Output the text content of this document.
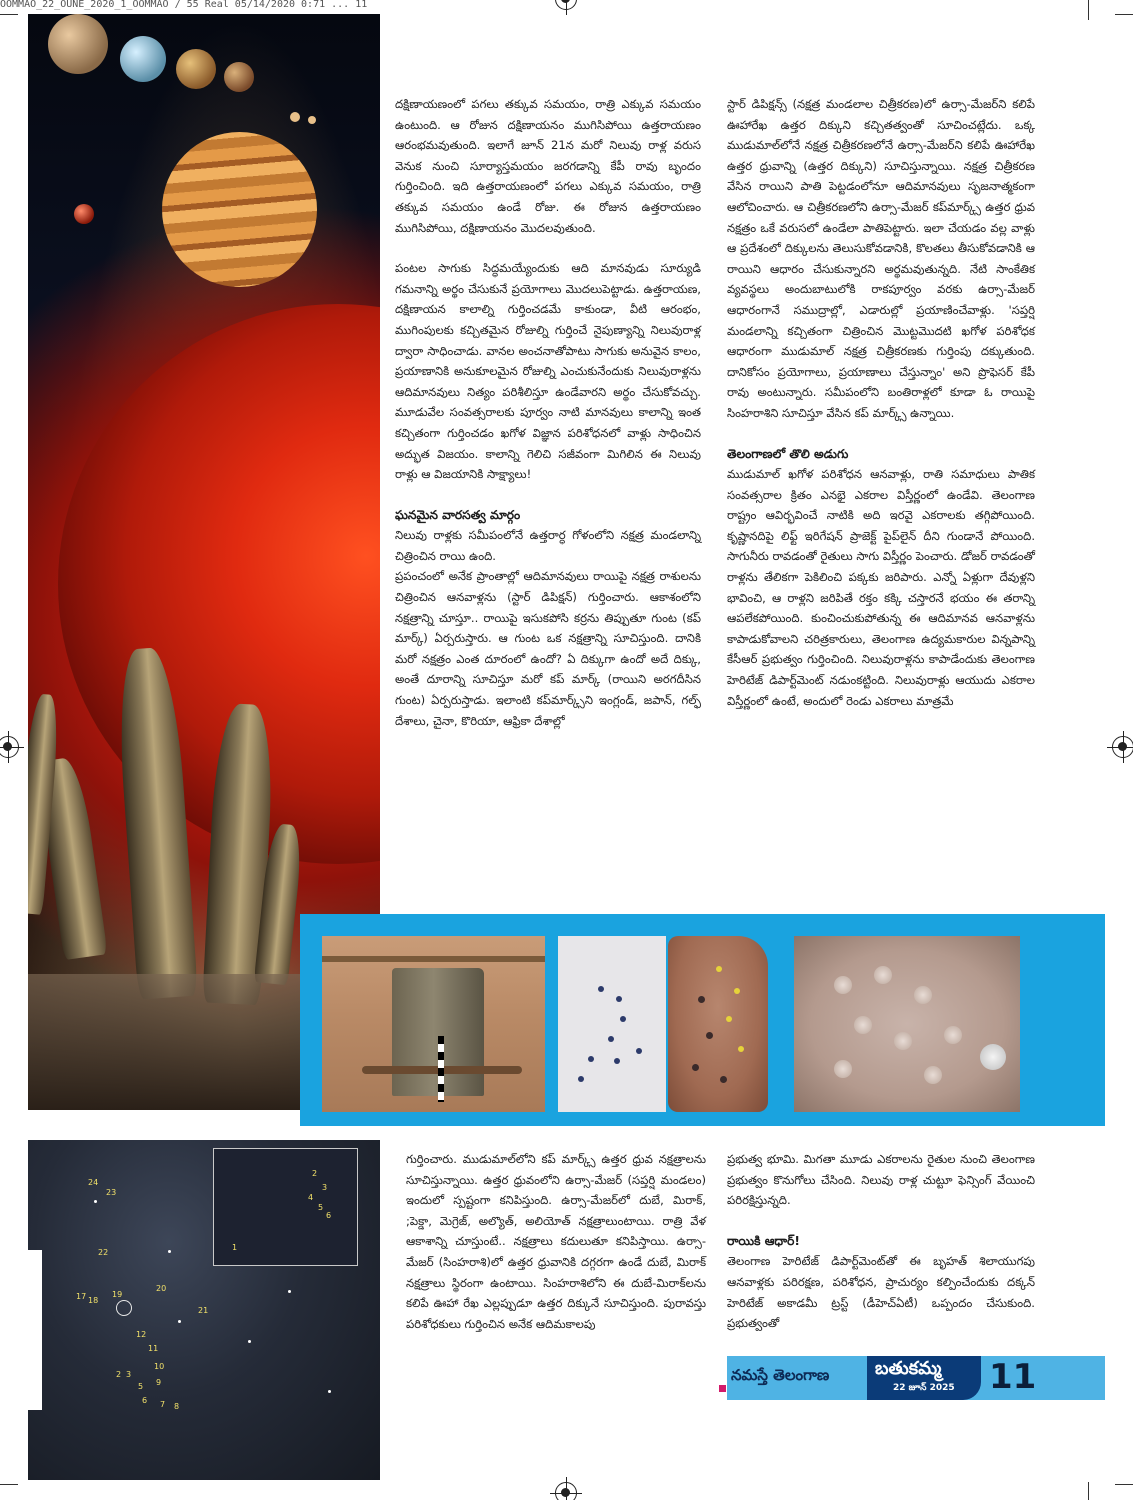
OOMMAO_22_OUNE_2020_1_OOMMAO / 55 Real 05/14/2020 0:71 ... 11
1
2
3
4
5
6
24
23
22
17 18
19
20
21
12
11
10
9
2 3
5
6 7 8

దక్షిణాయణంలో పగలు తక్కువ సమయం, రాత్రి ఎక్కువ సమయం ఉంటుంది. ఆ రోజున దక్షిణాయనం ముగిసిపోయి ఉత్తరాయణం ఆరంభమవుతుంది. ఇలాగే జూన్ 21న మరో నిలువు రాళ్ల వరుస వెనుక నుంచి సూర్యాస్తమయం జరగడాన్ని కేపీ రావు బృందం గుర్తించింది. ఇది ఉత్తరాయణంలో పగలు ఎక్కువ సమయం, రాత్రి తక్కువ సమయం ఉండే రోజు. ఈ రోజున ఉత్తరాయణం ముగిసిపోయి, దక్షిణాయనం మొదలవుతుంది.

పంటల సాగుకు సిద్ధమయ్యేందుకు ఆది మానవుడు సూర్యుడి గమనాన్ని అర్థం చేసుకునే ప్రయోగాలు మొదలుపెట్టాడు. ఉత్తరాయణ, దక్షిణాయన కాలాల్ని గుర్తించడమే కాకుండా, వీటి ఆరంభం, ముగింపులకు కచ్చితమైన రోజుల్ని గుర్తించే నైపుణ్యాన్ని నిలువురాళ్ల ద్వారా సాధించాడు. వానల అంచనాతోపాటు సాగుకు అనువైన కాలం, ప్రయాణానికి అనుకూలమైన రోజుల్ని ఎంచుకునేందుకు నిలువురాళ్లను ఆదిమానవులు నిత్యం పరిశీలిస్తూ ఉండేవారని అర్థం చేసుకోవచ్చు. మూడువేల సంవత్సరాలకు పూర్వం నాటి మానవులు కాలాన్ని ఇంత కచ్చితంగా గుర్తించడం ఖగోళ విజ్ఞాన పరిశోధనలో వాళ్లు సాధించిన అద్భుత విజయం. కాలాన్ని గెలిచి సజీవంగా మిగిలిన ఈ నిలువు రాళ్లు ఆ విజయానికి సాక్ష్యాలు!

ఘనమైన వారసత్వ మార్గం
నిలువు రాళ్లకు సమీపంలోనే ఉత్తరార్ధ గోళంలోని నక్షత్ర మండలాన్ని చిత్రించిన రాయి ఉంది.
ప్రపంచంలో అనేక ప్రాంతాల్లో ఆదిమానవులు రాయిపై నక్షత్ర రాశులను చిత్రించిన ఆనవాళ్లను (స్టార్ డిపిక్షన్) గుర్తించారు. ఆకాశంలోని నక్షత్రాన్ని చూస్తూ.. రాయిపై ఇసుకపోసి కర్రను తిప్పుతూ గుంట (కప్ మార్క్) ఏర్పరుస్తారు. ఆ గుంట ఒక నక్షత్రాన్ని సూచిస్తుంది. దానికి మరో నక్షత్రం ఎంత దూరంలో ఉందో? ఏ దిక్కుగా ఉందో అదే దిక్కు, అంతే దూరాన్ని సూచిస్తూ మరో కప్ మార్క్ (రాయిని అరగదీసిన గుంట) ఏర్పరుస్తాడు. ఇలాంటి కప్‌మార్క్స్‌ని ఇంగ్లండ్, జపాన్, గల్ఫ్ దేశాలు, చైనా, కొరియా, ఆఫ్రికా దేశాల్లో

స్టార్ డిపిక్షన్స్ (నక్షత్ర మండలాల చిత్రీకరణ)లో ఉర్సా-మేజర్‌ని కలిపే ఊహారేఖ ఉత్తర దిక్కుని కచ్చితత్వంతో సూచించట్లేదు. ఒక్క ముడుమాల్‌లోనే నక్షత్ర చిత్రీకరణలోనే ఉర్సా-మేజర్‌ని కలిపే ఊహారేఖ ఉత్తర ధ్రువాన్ని (ఉత్తర దిక్కుని) సూచిస్తున్నాయి. నక్షత్ర చిత్రీకరణ వేసిన రాయిని పాతి పెట్టడంలోనూ ఆదిమానవులు సృజనాత్మకంగా ఆలోచించారు. ఆ చిత్రీకరణలోని ఉర్సా-మేజర్ కప్‌మార్క్స్ ఉత్తర ధ్రువ నక్షత్రం ఒకే వరుసలో ఉండేలా పాతిపెట్టారు. ఇలా చేయడం వల్ల వాళ్లు ఆ ప్రదేశంలో దిక్కులను తెలుసుకోవడానికి, కొలతలు తీసుకోవడానికి ఆ రాయిని ఆధారం చేసుకున్నారని అర్థమవుతున్నది. నేటి సాంకేతిక వ్యవస్థలు అందుబాటులోకి రాకపూర్వం వరకు ఉర్సా-మేజర్ ఆధారంగానే సముద్రాల్లో, ఎడారుల్లో ప్రయాణించేవాళ్లు. 'సప్తర్షి మండలాన్ని కచ్చితంగా చిత్రించిన మొట్టమొదటి ఖగోళ పరిశోధక ఆధారంగా ముడుమాల్ నక్షత్ర చిత్రీకరణకు గుర్తింపు దక్కుతుంది. దానికోసం ప్రయోగాలు, ప్రయాణాలు చేస్తున్నాం' అని ప్రొఫెసర్ కేపీ రావు అంటున్నారు. సమీపంలోని బంతిరాళ్లలో కూడా ఓ రాయిపై సింహరాశిని సూచిస్తూ వేసిన కప్ మార్క్స్ ఉన్నాయి.

తెలంగాణలో తొలి అడుగు
ముడుమాల్ ఖగోళ పరిశోధన ఆనవాళ్లు, రాతి సమాధులు పాతిక సంవత్సరాల క్రితం ఎనభై ఎకరాల విస్తీర్ణంలో ఉండేవి. తెలంగాణ రాష్ట్రం ఆవిర్భవించే నాటికి అది ఇరవై ఎకరాలకు తగ్గిపోయింది. కృష్ణానదిపై లిఫ్ట్ ఇరిగేషన్ ప్రాజెక్ట్ పైప్‌లైన్ దీని గుండానే పోయింది. సాగునీరు రావడంతో రైతులు సాగు విస్తీర్ణం పెంచారు. డోజర్ రావడంతో రాళ్లను తేలికగా పెకిలించి పక్కకు జరిపారు. ఎన్నో ఏళ్లుగా దేవుళ్లని భావించి, ఆ రాళ్లని జరిపితే రక్తం కక్కి చస్తారనే భయం ఈ తరాన్ని ఆపలేకపోయింది. కుంచించుకుపోతున్న ఈ ఆదిమానవ ఆనవాళ్లను కాపాడుకోవాలని చరిత్రకారులు, తెలంగాణ ఉద్యమకారుల విన్నపాన్ని కేసీఆర్ ప్రభుత్వం గుర్తించింది. నిలువురాళ్లను కాపాడేందుకు తెలంగాణ హెరిటేజ్ డిపార్ట్‌మెంట్ నడుంకట్టింది. నిలువురాళ్లు ఆయుదు ఎకరాల విస్తీర్ణంలో ఉంటే, అందులో రెండు ఎకరాలు మాత్రమే
గుర్తించారు. ముడుమాల్‌లోని కప్ మార్క్స్ ఉత్తర ధ్రువ నక్షత్రాలను సూచిస్తున్నాయి. ఉత్తర ధ్రువంలోని ఉర్సా-మేజర్ (సప్తర్షి మండలం) ఇందులో స్పష్టంగా కనిపిస్తుంది. ఉర్సా-మేజర్‌లో దుబే, మిరాక్, ;పెక్డా, మెగ్రెజ్, అల్యొత్, అలియోత్ నక్షత్రాలుంటాయి. రాత్రి వేళ ఆకాశాన్ని చూస్తుంటే.. నక్షత్రాలు కదులుతూ కనిపిస్తాయి. ఉర్సా-మేజర్ (సింహరాశి)లో ఉత్తర ధ్రువానికి దగ్గరగా ఉండే దుబే, మిరాక్ నక్షత్రాలు స్థిరంగా ఉంటాయి. సింహరాశిలోని ఈ దుబే-మిరాక్‌లను కలిపే ఊహా రేఖ ఎల్లప్పుడూ ఉత్తర దిక్కునే సూచిస్తుంది. పురావస్తు పరిశోధకులు గుర్తించిన అనేక ఆదిమకాలపు

ప్రభుత్వ భూమి. మిగతా మూడు ఎకరాలను రైతుల నుంచి తెలంగాణ ప్రభుత్వం కొనుగోలు చేసింది. నిలువు రాళ్ల చుట్టూ ఫెన్సింగ్ వేయించి పరిరక్షిస్తున్నది.

రాయికి ఆధార్!
తెలంగాణ హెరిటేజ్ డిపార్ట్‌మెంట్‌తో ఈ బృహత్ శిలాయుగపు ఆనవాళ్లకు పరిరక్షణ, పరిశోధన, ప్రాచుర్యం కల్పించేందుకు దక్కన్ హెరిటేజ్ అకాడమీ ట్రస్ట్ (డీహెచ్ఏటీ) ఒప్పందం చేసుకుంది. ప్రభుత్వంతో
నమస్తే తెలంగాణ	బతుకమ్మ
22 జూన్ 2025 11
